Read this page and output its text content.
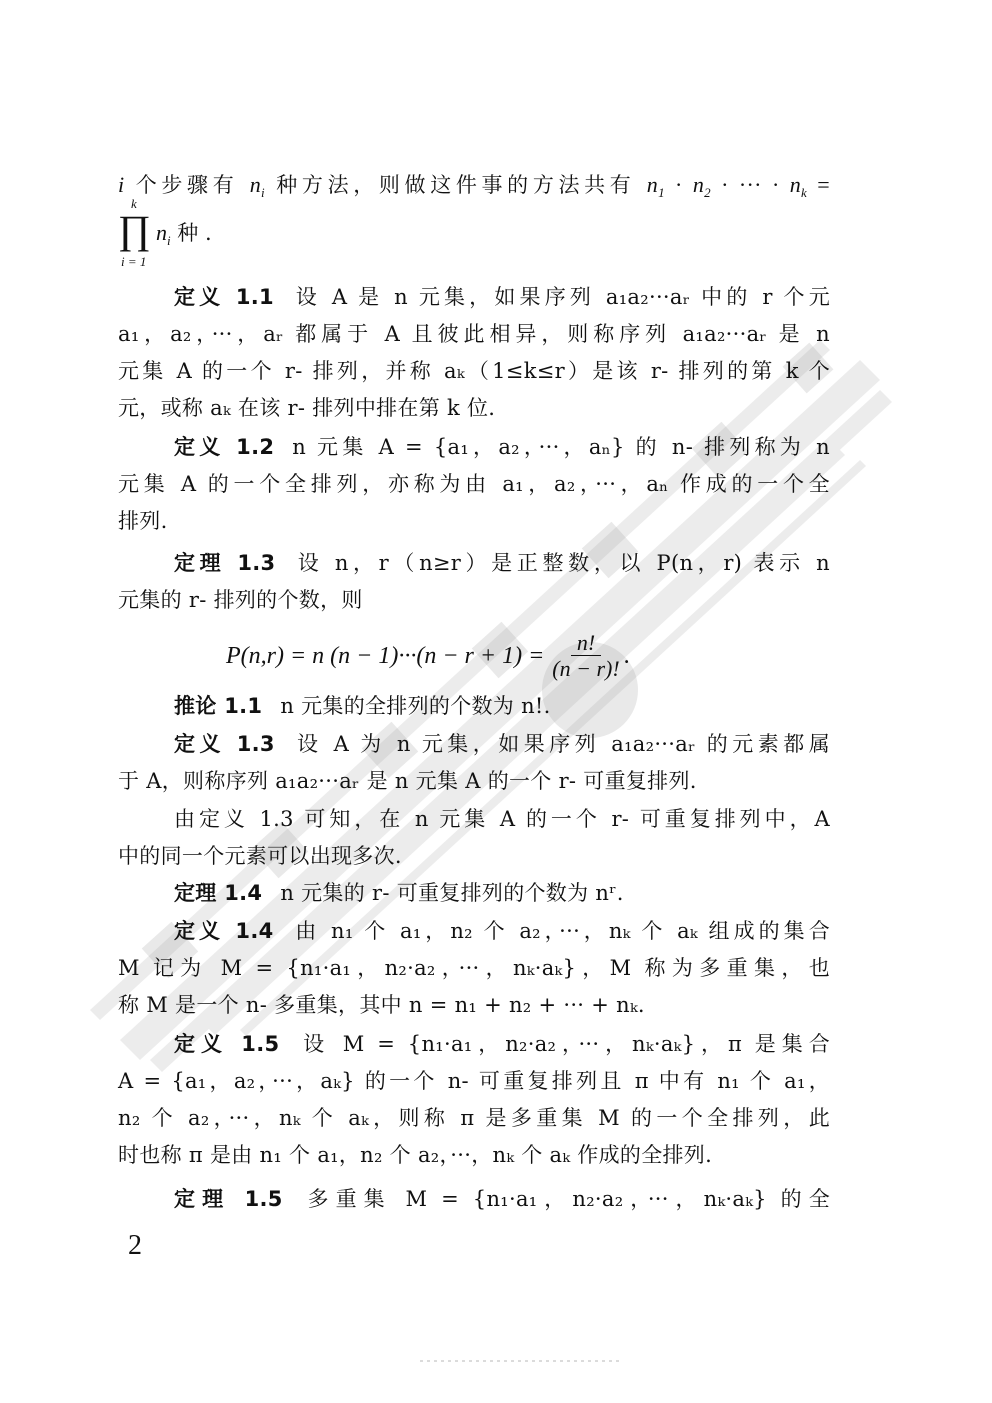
i 个步骤有 $n_i$ 种方法，则做这件事的方法共有 $n_1 \cdot n_2$ · ··· · $n_k$ =
k
∏
i = 1
$n_i$ 种 .
定义 1.1 设 A 是 n 元集，如果序列 a₁a₂···aᵣ 中的 r 个元
a₁，a₂，···，aᵣ 都属于 A 且彼此相异，则称序列 a₁a₂···aᵣ 是 n
元集 A 的一个 r- 排列，并称 aₖ（1≤k≤r）是该 r- 排列的第 k 个
元，或称 aₖ 在该 r- 排列中排在第 k 位.
定义 1.2 n 元集 A = {a₁，a₂，···，aₙ} 的 n- 排列称为 n
元集 A 的一个全排列，亦称为由 a₁，a₂，···，aₙ 作成的一个全
排列.
定理 1.3 设 n，r（n≥r）是正整数，以 P(n，r) 表示 n
元集的 r- 排列的个数，则
P(n,r) = n $(n - 1)\cdot\cdot\cdot(n - r + 1) = \frac{n!}{(n - r)!}$ .
推论 1.1 n 元集的全排列的个数为 n!.
定义 1.3 设 A 为 n 元集，如果序列 a₁a₂···aᵣ 的元素都属
于 A，则称序列 a₁a₂···aᵣ 是 n 元集 A 的一个 r- 可重复排列.
由定义 1.3 可知，在 n 元集 A 的一个 r- 可重复排列中，A
中的同一个元素可以出现多次.
定理 1.4 n 元集的 r- 可重复排列的个数为 nʳ.
定义 1.4 由 n₁ 个 a₁，n₂ 个 a₂，···，nₖ 个 aₖ 组成的集合
M 记为 M = {n₁·a₁，n₂·a₂，···，nₖ·aₖ}，M 称为多重集，也
称 M 是一个 n- 多重集，其中 n = n₁ + n₂ + ··· + nₖ.
定义 1.5 设 M = {n₁·a₁，n₂·a₂，···，nₖ·aₖ}，π 是集合
A = {a₁，a₂，···，aₖ} 的一个 n- 可重复排列且 π 中有 n₁ 个 a₁，
n₂ 个 a₂，···，nₖ 个 aₖ，则称 π 是多重集 M 的一个全排列，此
时也称 π 是由 n₁ 个 a₁，n₂ 个 a₂，···，nₖ 个 aₖ 作成的全排列.
定理 1.5 多重集 M = {n₁·a₁，n₂·a₂，···，nₖ·aₖ} 的全
2
